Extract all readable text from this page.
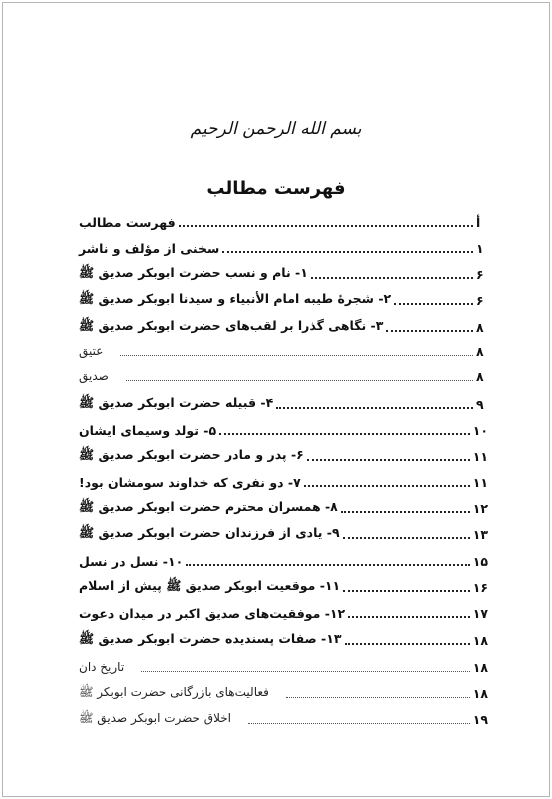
بسم الله الرحمن الرحيم
فهرست مطالب
فهرست مطالب	أ
سخنی از مؤلف و ناشر	۱
۱- نام و نسب حضرت ابوبکر صدیق ﷺ	۶
۲- شجرۀ طیبه امام الأنبیاء و سیدنا ابوبکر صدیق ﷺ	۶
۳- نگاهی گذرا بر لقب‌های حضرت ابوبکر صدیق ﷺ	۸
عتیق	۸
صدیق	۸
۴- قبیله حضرت ابوبکر صدیق ﷺ	۹
۵- تولد وسیمای ایشان	۱۰
۶- پدر و مادر حضرت ابوبکر صدیق ﷺ	۱۱
۷- دو نفری که خداوند سومشان بود!	۱۱
۸- همسران محترم حضرت ابوبکر صدیق ﷺ	۱۲
۹- یادی از فرزندان حضرت ابوبکر صدیق ﷺ	۱۳
۱۰- نسل در نسل	۱۵
۱۱- موقعیت ابوبکر صدیق ﷺ پیش از اسلام	۱۶
۱۲- موفقیت‌های صدیق اکبر در میدان دعوت	۱۷
۱۳- صفات پسندیده حضرت ابوبکر صدیق ﷺ	۱۸
تاریخ دان	۱۸
فعالیت‌های بازرگانی حضرت ابوبکر ﷺ	۱۸
اخلاق حضرت ابوبکر صدیق ﷺ	۱۹
